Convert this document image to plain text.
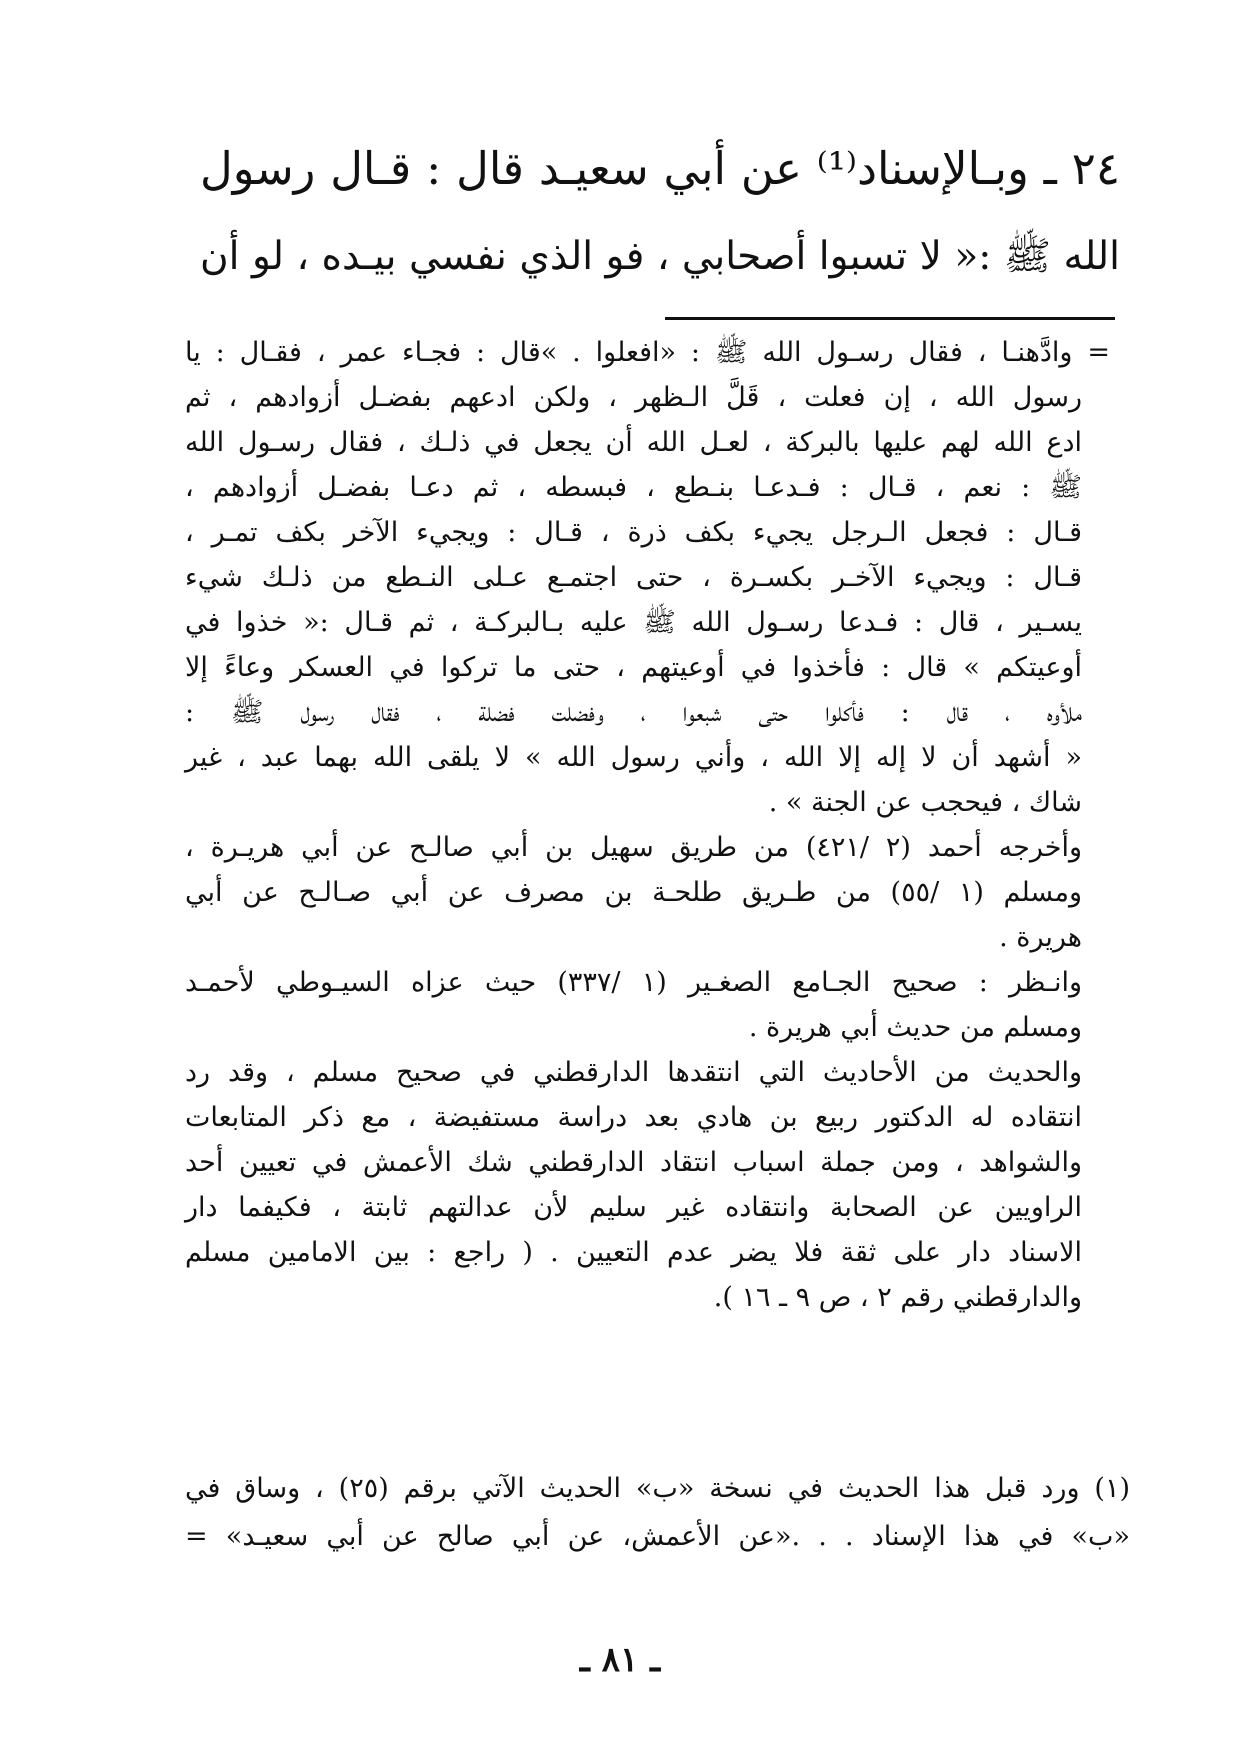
٢٤ ـ وبـالإسناد⁽¹⁾ عن أبي سعيـد قال : قـال رسول
الله ﷺ :« لا تسبوا أصحابي ، فو الذي نفسي بيـده ، لو أن
= وادَّهنـا ، فقال رسـول الله ﷺ : «افعلوا . »قال : فجـاء عمر ، فقـال : يا
رسول الله ، إن فعلت ، قَلَّ الـظهر ، ولكن ادعهم بفضـل أزوادهم ، ثم
ادع الله لهم عليها بالبركة ، لعـل الله أن يجعل في ذلـك ، فقال رسـول الله
ﷺ : نعم ، قـال : فـدعـا بنـطع ، فبسطه ، ثم دعـا بفضـل أزوادهم ،
قـال : فجعل الـرجل يجيء بكف ذرة ، قـال : ويجيء الآخر بكف تمـر ،
قـال : ويجيء الآخـر بكسـرة ، حتى اجتمـع عـلى النـطع من ذلـك شيء
يسـير ، قال : فـدعا رسـول الله ﷺ عليه بـالبركـة ، ثم قـال :« خذوا في
أوعيتكم » قال : فأخذوا في أوعيتهم ، حتى ما تركوا في العسكر وعاءً إلا
ملأوه ، قال : فأكلوا حتى شبعوا ، وفضلت فضلة ، فقال رسول ﷺ :
« أشهد أن لا إله إلا الله ، وأني رسول الله » لا يلقى الله بهما عبد ، غير
شاك ، فيحجب عن الجنة » .
وأخرجه أحمد (٢ /٤٢١) من طريق سهيل بن أبي صالـح عن أبي هريـرة ،
ومسلم (١ /٥٥) من طـريق طلحـة بن مصرف عن أبي صـالـح عن أبي
هريرة .
وانـظر : صحيح الجـامع الصغـير (١ /٣٣٧) حيث عزاه السيـوطي لأحمـد
ومسلم من حديث أبي هريرة .
والحديث من الأحاديث التي انتقدها الدارقطني في صحيح مسلم ، وقد رد
انتقاده له الدكتور ربيع بن هادي بعد دراسة مستفيضة ، مع ذكر المتابعات
والشواهد ، ومن جملة اسباب انتقاد الدارقطني شك الأعمش في تعيين أحد
الراويين عن الصحابة وانتقاده غير سليم لأن عدالتهم ثابتة ، فكيفما دار
الاسناد دار على ثقة فلا يضر عدم التعيين . ( راجع : بين الامامين مسلم
والدارقطني رقم ٢ ، ص ٩ ـ ١٦ ).
(١) ورد قبل هذا الحديث في نسخة «ب» الحديث الآتي برقم (٢٥) ، وساق في
«ب» في هذا الإسناد . . .«عن الأعمش، عن أبي صالح عن أبي سعيـد» =
ـ ٨١ ـ
